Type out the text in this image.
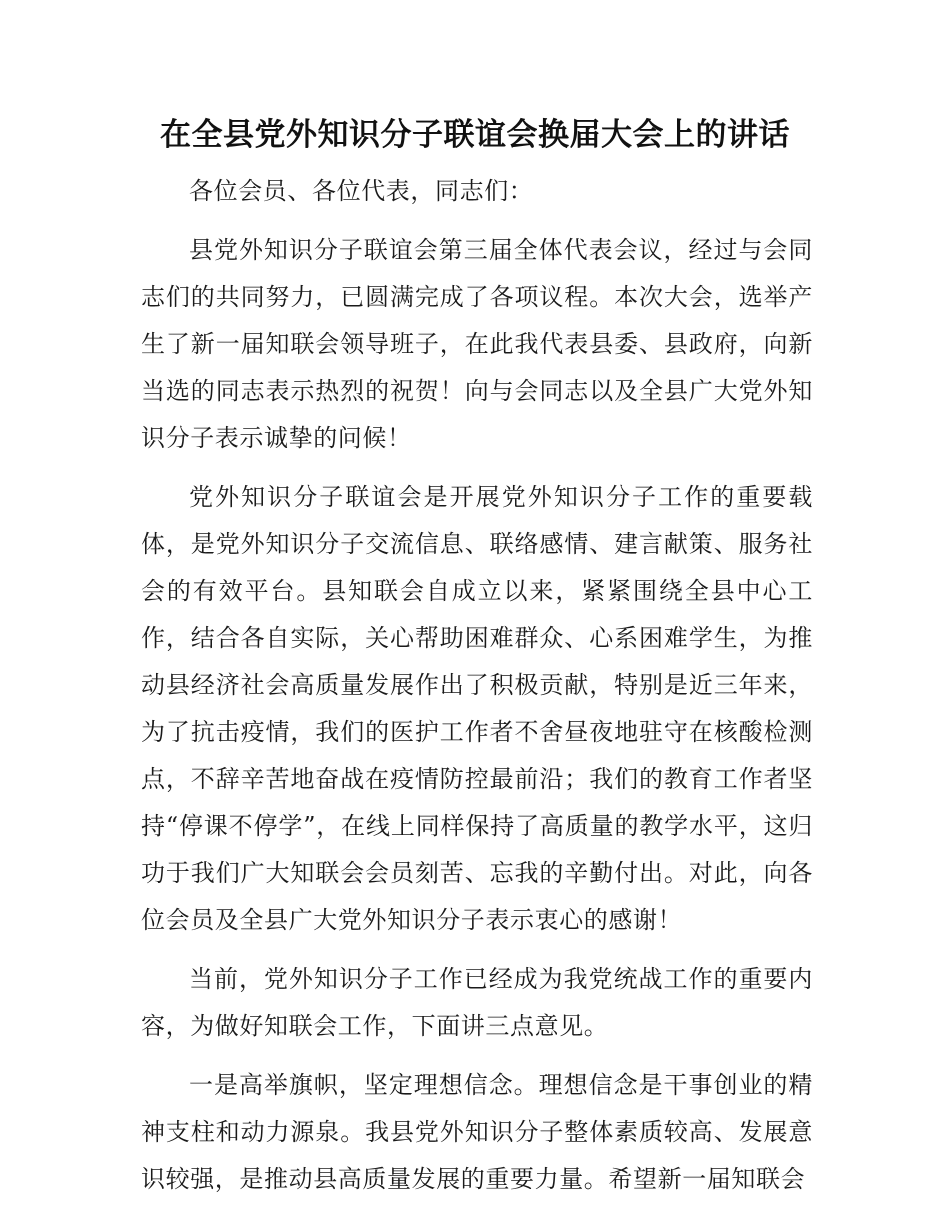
在全县党外知识分子联谊会换届大会上的讲话

各位会员、各位代表，同志们：

县党外知识分子联谊会第三届全体代表会议，经过与会同志们的共同努力，已圆满完成了各项议程。本次大会，选举产生了新一届知联会领导班子，在此我代表县委、县政府，向新当选的同志表示热烈的祝贺！向与会同志以及全县广大党外知识分子表示诚挚的问候！

党外知识分子联谊会是开展党外知识分子工作的重要载体，是党外知识分子交流信息、联络感情、建言献策、服务社会的有效平台。县知联会自成立以来，紧紧围绕全县中心工作，结合各自实际，关心帮助困难群众、心系困难学生，为推动县经济社会高质量发展作出了积极贡献，特别是近三年来，为了抗击疫情，我们的医护工作者不舍昼夜地驻守在核酸检测点，不辞辛苦地奋战在疫情防控最前沿；我们的教育工作者坚持“停课不停学”，在线上同样保持了高质量的教学水平，这归功于我们广大知联会会员刻苦、忘我的辛勤付出。对此，向各位会员及全县广大党外知识分子表示衷心的感谢！

当前，党外知识分子工作已经成为我党统战工作的重要内容，为做好知联会工作，下面讲三点意见。

一是高举旗帜，坚定理想信念。理想信念是干事创业的精神支柱和动力源泉。我县党外知识分子整体素质较高、发展意识较强，是推动县高质量发展的重要力量。希望新一届知联会
